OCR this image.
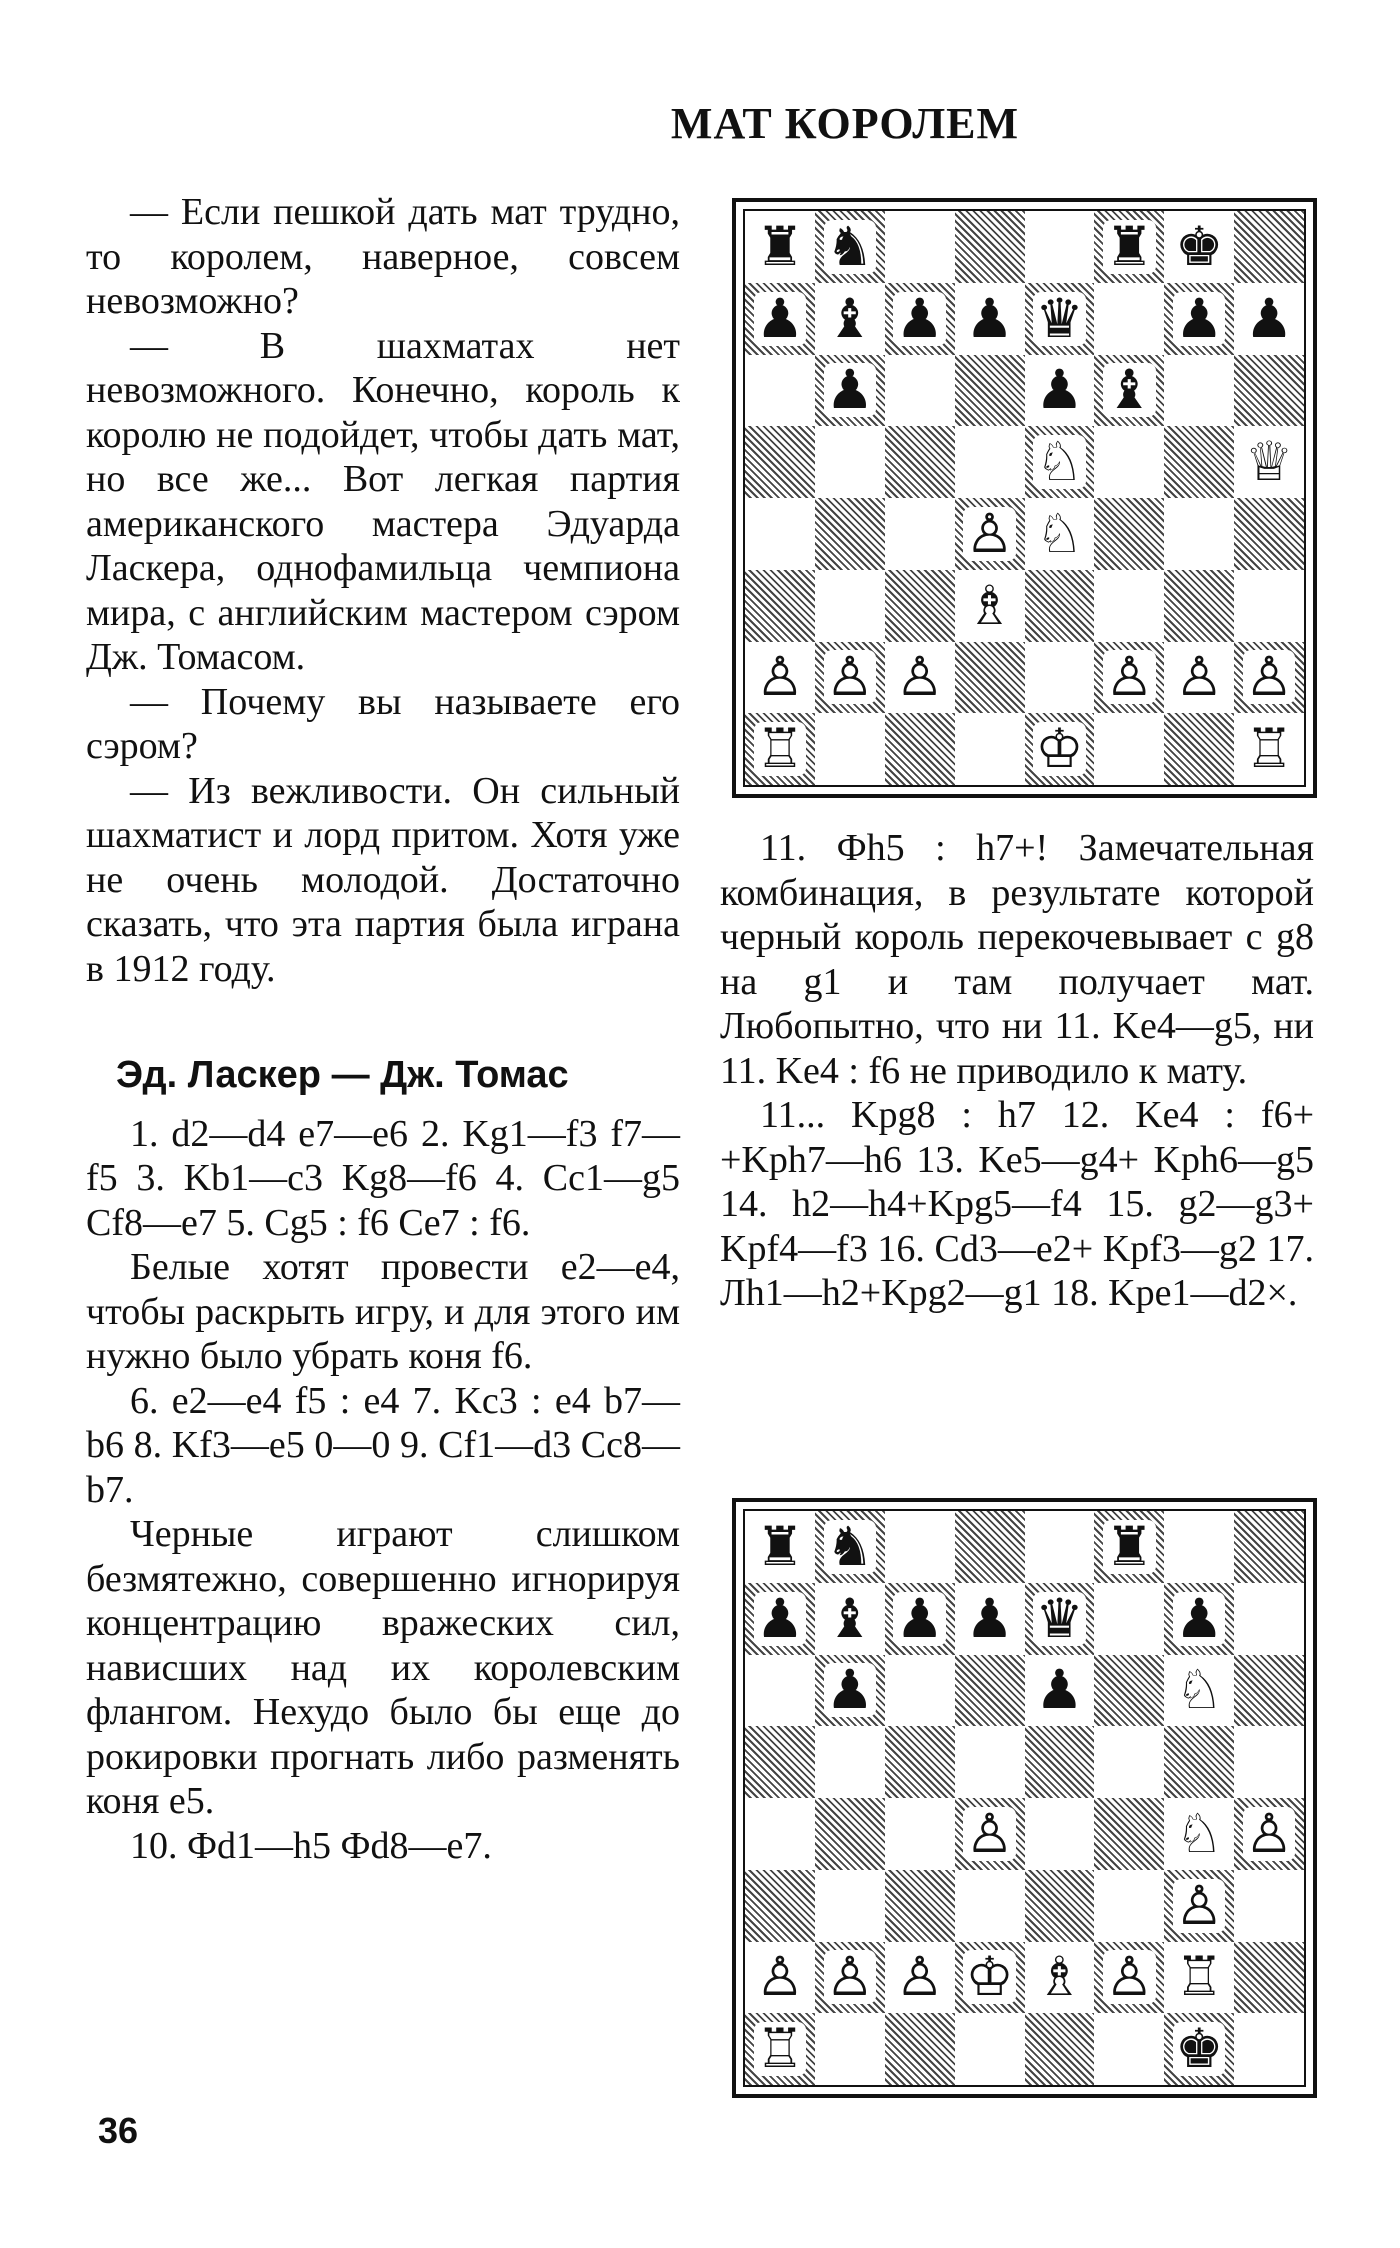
МАТ КОРОЛЕМ

— Если пешкой дать мат трудно, то королем, наверное, совсем невозможно?

— В шахматах нет невозможного. Конечно, король к королю не подойдет, чтобы дать мат, но все же... Вот легкая партия американского мастера Эдуарда Ласкера, однофамильца чемпиона мира, с английским мастером сэром Дж. Томасом.

— Почему вы называете его сэром?

— Из вежливости. Он сильный шахматист и лорд притом. Хотя уже не очень молодой. Достаточно сказать, что эта партия была играна в 1912 году.

Эд. Ласкер — Дж. Томас

1. d2—d4 e7—e6 2. Kg1—f3 f7—f5 3. Kb1—c3 Kg8—f6 4. Cc1—g5 Cf8—e7 5. Cg5 : f6 Ce7 : f6.

Белые хотят провести e2—e4, чтобы раскрыть игру, и для этого им нужно было убрать коня f6.

6. e2—e4 f5 : e4 7. Kc3 : e4 b7—b6 8. Kf3—e5 0—0 9. Cf1—d3 Cc8—b7.

Черные играют слишком безмятежно, совершенно игнорируя концентрацию вражеских сил, нависших над их королевским флангом. Нехудо было бы еще до рокировки прогнать либо разменять коня e5.

10. Фd1—h5 Фd8—e7.

♜ ♞	♜ ♚
♟ ♝ ♟ ♟ ♛ ♟ ♟
♟	♟ ♝
♘	♕
♙ ♘
♗
♙ ♙ ♙	♙ ♙ ♙
♖	♔	♖

11. Фh5 : h7+! Замечательная комбинация, в результате которой черный король перекочевывает с g8 на g1 и там получает мат. Любопытно, что ни 11. Ke4—g5, ни 11. Ke4 : f6 не приводило к мату.

11... Kpg8 : h7 12. Ke4 : f6+ +Kph7—h6 13. Ke5—g4+ Kph6—g5 14. h2—h4+Kpg5—f4 15. g2—g3+ Kpf4—f3 16. Cd3—e2+ Kpf3—g2 17. Лh1—h2+Kpg2—g1 18. Kpe1—d2×.

♜ ♞	♜
♟ ♝ ♟ ♟ ♛ ♟
♟	♟ ♘
♙	♘ ♙
♙
♙ ♙ ♙ ♔ ♗ ♙ ♖
♖	♚
36
